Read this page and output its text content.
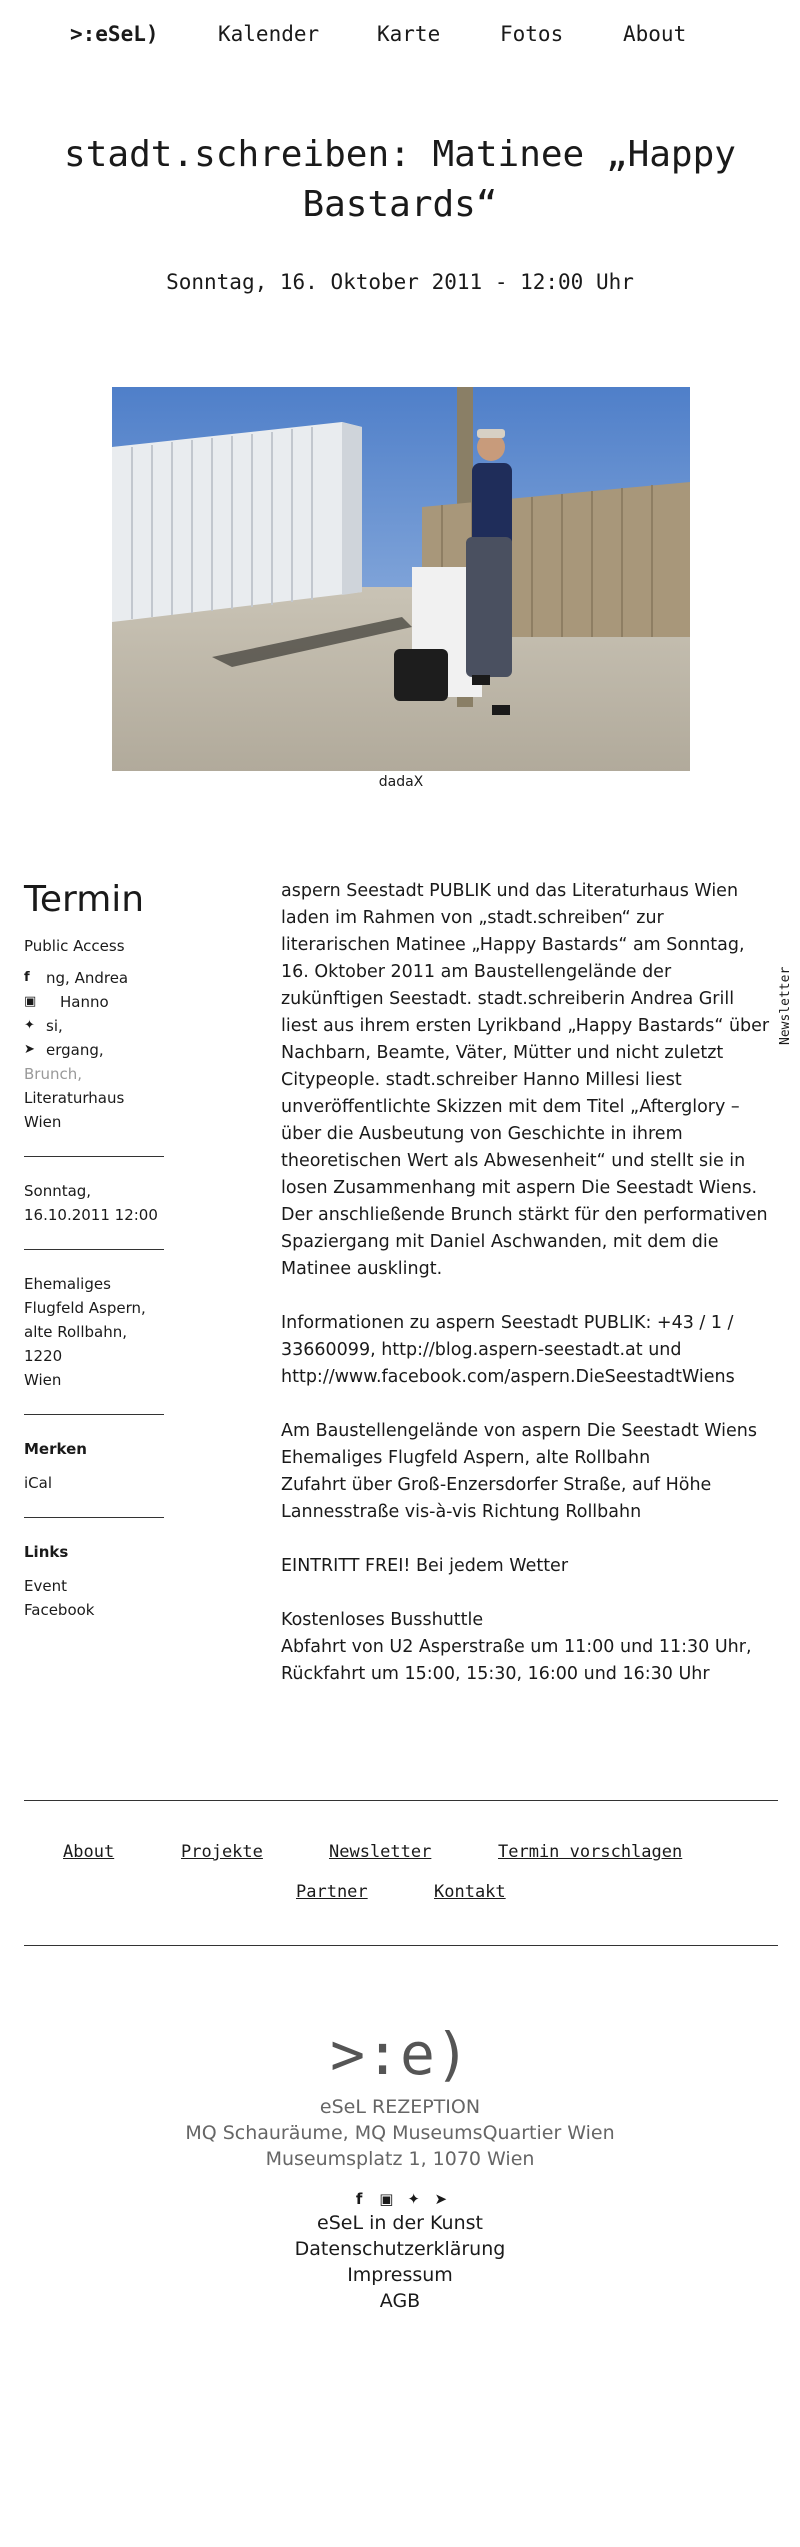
>:eSeL)	Kalender	Karte	Fotos	About
stadt.schreiben: Matinee „Happy Bastards“
Sonntag, 16. Oktober 2011 - 12:00 Uhr
dadaX
Termin
Public Access
ng, Andrea
Hanno
si,
ergang,
Brunch,
Literaturhaus
Wien
f
▣
✦
➤
Sonntag,
16.10.2011 12:00
Ehemaliges
Flugfeld Aspern,
alte Rollbahn, 1220
Wien
Merken
iCal
Links
Event
Facebook

aspern Seestadt PUBLIK und das Literaturhaus Wien laden im Rahmen von „stadt.schreiben“ zur literarischen Matinee „Happy Bastards“ am Sonntag, 16. Oktober 2011 am Baustellengelände der zukünftigen Seestadt. stadt.schreiberin Andrea Grill liest aus ihrem ersten Lyrikband „Happy Bastards“ über Nachbarn, Beamte, Väter, Mütter und nicht zuletzt Citypeople. stadt.schreiber Hanno Millesi liest unveröffentlichte Skizzen mit dem Titel „Afterglory – über die Ausbeutung von Geschichte in ihrem theoretischen Wert als Abwesenheit“ und stellt sie in losen Zusammenhang mit aspern Die Seestadt Wiens. Der anschließende Brunch stärkt für den performativen Spaziergang mit Daniel Aschwanden, mit dem die Matinee ausklingt.

Informationen zu aspern Seestadt PUBLIK: +43 / 1 / 33660099, http://blog.aspern-seestadt.at und http://www.facebook.com/aspern.DieSeestadtWiens

Am Baustellengelände von aspern Die Seestadt Wiens
Ehemaliges Flugfeld Aspern, alte Rollbahn
Zufahrt über Groß-Enzersdorfer Straße, auf Höhe
Lannesstraße vis-à-vis Richtung Rollbahn

EINTRITT FREI! Bei jedem Wetter

Kostenloses Busshuttle
Abfahrt von U2 Asperstraße um 11:00 und 11:30 Uhr,
Rückfahrt um 15:00, 15:30, 16:00 und 16:30 Uhr

Newsletter
About	Projekte	Newsletter	Termin vorschlagen
Partner	Kontakt
>:e)
eSeL REZEPTION
MQ Schauräume, MQ MuseumsQuartier Wien
Museumsplatz 1, 1070 Wien
f ▣ ✦ ➤
eSeL in der Kunst
Datenschutzerklärung
Impressum
AGB
